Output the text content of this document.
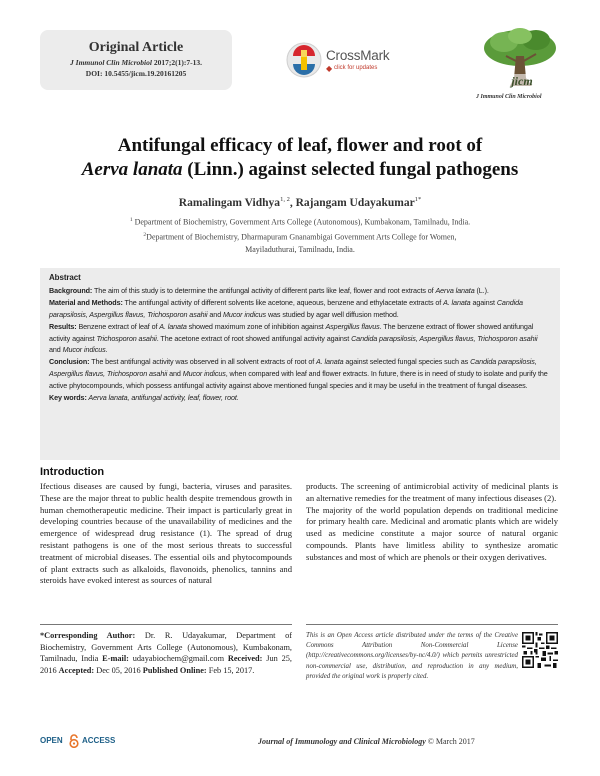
Original Article
J Immunol Clin Microbiol 2017;2(1):7-13.
DOI: 10.5455/jicm.19.20161205
CrossMark
◆ click for updates
jicm
J Immunol Clin Microbiol
Antifungal efficacy of leaf, flower and root of
Aerva lanata (Linn.) against selected fungal pathogens
Ramalingam Vidhya$^{1, 2}$, Rajangam Udayakumar$^{1*}$
$^1$ Department of Biochemistry, Government Arts College (Autonomous), Kumbakonam, Tamilnadu, India.
$^2$Department of Biochemistry, Dharmapuram Gnanambigai Government Arts College for Women,
Mayiladuthurai, Tamilnadu, India.
Abstract
Background: The aim of this study is to determine the antifungal activity of different parts like leaf, flower and root extracts of Aerva lanata (L.).
Material and Methods: The antifungal activity of different solvents like acetone, aqueous, benzene and ethylacetate extracts of A. lanata against Candida parapsilosis, Aspergillus flavus, Trichosporon asahii and Mucor indicus was studied by agar well diffusion method.
Results: Benzene extract of leaf of A. lanata showed maximum zone of inhibition against Aspergillus flavus. The benzene extract of flower showed antifungal activity against Trichosporon asahii. The acetone extract of root showed antifungal activity against Candida parapsilosis, Aspergillus flavus, Trichosporon asahii and Mucor indicus.
Conclusion: The best antifungal activity was observed in all solvent extracts of root of A. lanata against selected fungal species such as Candida parapsilosis, Aspergillus flavus, Trichosporon asahii and Mucor indicus, when compared with leaf and flower extracts. In future, there is in need of study to isolate and purify the active phytocompounds, which possess antifungal activity against above mentioned fungal species and it may be useful in the treatment of fungal diseases.
Key words: Aerva lanata, antifungal activity, leaf, flower, root.
Introduction
Ifectious diseases are caused by fungi, bacteria, viruses and parasites. These are the major threat to public health despite tremendous growth in human chemotherapeutic medicine. Their impact is particularly great in developing countries because of the unavailability of medicines and the emergence of widespread drug resistance (1). The spread of drug resistant pathogens is one of the most serious threats to successful treatment of microbial diseases. The essential oils and phytocompounds of plant extracts such as alkaloids, flavonoids, phenolics, tannins and steroids have evoked interest as sources of natural
products. The screening of antimicrobial activity of medicinal plants is an alternative remedies for the treatment of many infectious diseases (2).
The majority of the world population depends on traditional medicine for primary health care. Medicinal and aromatic plants which are widely used as medicine constitute a major source of natural organic compounds. Plants have limitless ability to synthesize aromatic substances and most of which are phenols or their oxygen derivatives.
*Corresponding Author: Dr. R. Udayakumar, Department of Biochemistry, Government Arts College (Autonomous), Kumbakonam, Tamilnadu, India E-mail: udayabiochem@gmail.com Received: Jun 25, 2016 Accepted: Dec 05, 2016 Published Online: Feb 15, 2017.
This is an Open Access article distributed under the terms of the Creative Commons Attribution Non-Commercial License (http://creativecommons.org/licenses/by-nc/4.0/) which permits unrestricted non-commercial use, distribution, and reproduction in any medium, provided the original work is properly cited.
OPEN ACCESS	Journal of Immunology and Clinical Microbiology © March 2017
